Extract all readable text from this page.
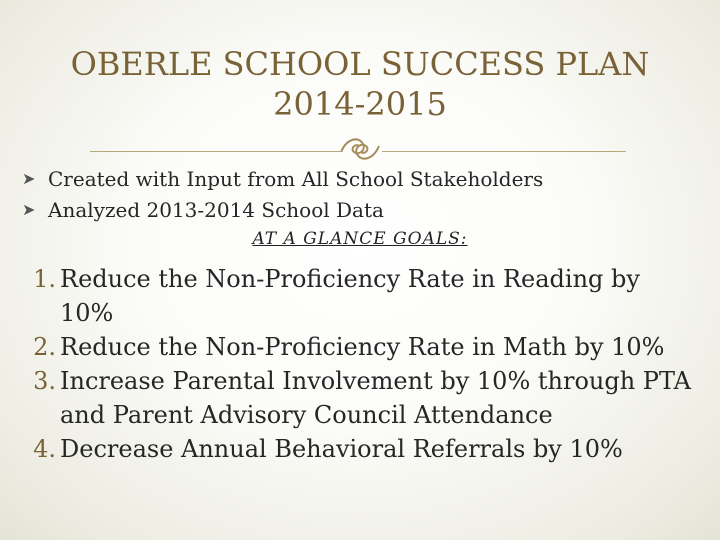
OBERLE SCHOOL SUCCESS PLAN
2014-2015
➤ Created with Input from All School Stakeholders
➤ Analyzed 2013-2014 School Data
AT A GLANCE GOALS:
1. Reduce the Non-Proficiency Rate in Reading by 10%
2. Reduce the Non-Proficiency Rate in Math by 10%
3. Increase Parental Involvement by 10% through PTA and Parent Advisory Council Attendance
4. Decrease Annual Behavioral Referrals by 10%
